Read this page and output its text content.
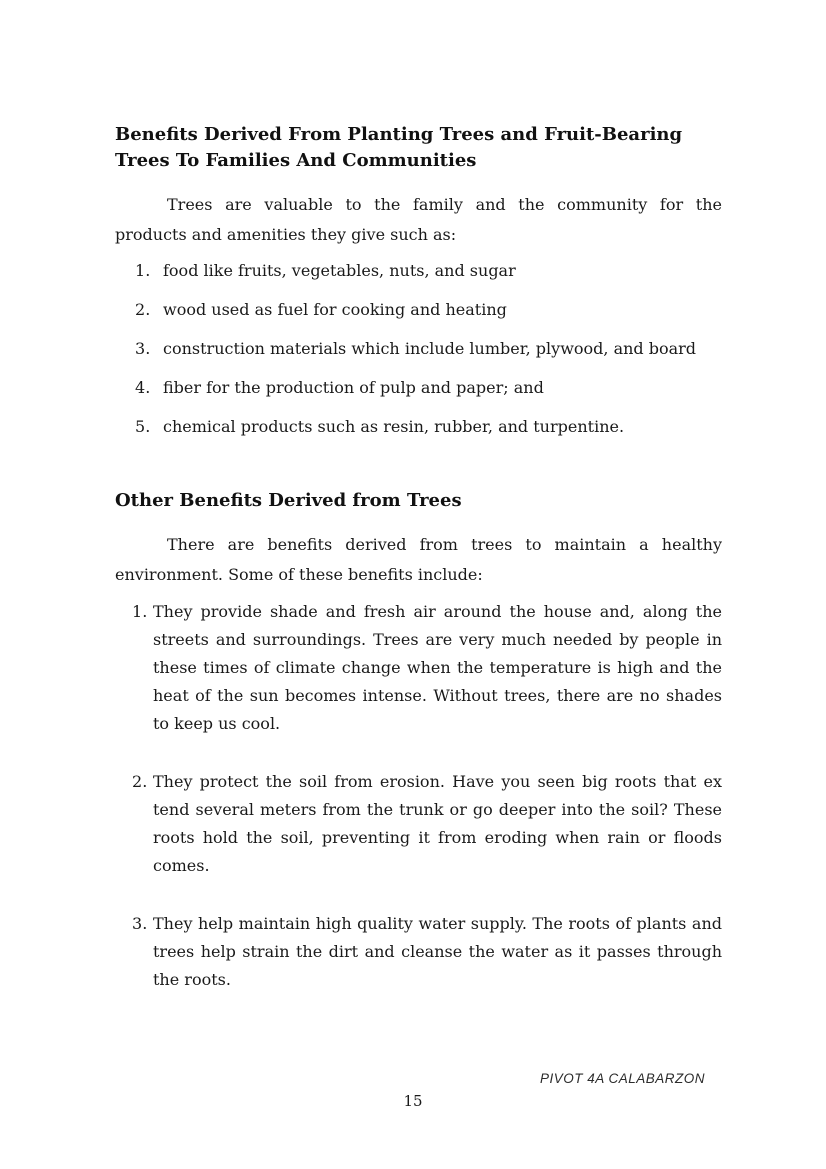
Benefits Derived From Planting Trees and Fruit-Bearing Trees To Families And Communities

Trees are valuable to the family and the community for the products and amenities they give such as:

food like fruits, vegetables, nuts, and sugar
wood used as fuel for cooking and heating
construction materials which include lumber, plywood, and board
fiber for the production of pulp and paper; and
chemical products such as resin, rubber, and turpentine.
Other Benefits Derived from Trees

There are benefits derived from trees to maintain a healthy environment. Some of these benefits include:

They provide shade and fresh air around the house and, along the streets and surroundings. Trees are very much needed by people in these times of climate change when the temperature is high and the heat of the sun becomes intense. Without trees, there are no shades to keep us cool.
They protect the soil from erosion. Have you seen big roots that ex tend several meters from the trunk or go deeper into the soil? These roots hold the soil, preventing it from eroding when rain or floods comes.
They help maintain high quality water supply. The roots of plants and trees help strain the dirt and cleanse the water as it passes through the roots.
PIVOT 4A CALABARZON
15
